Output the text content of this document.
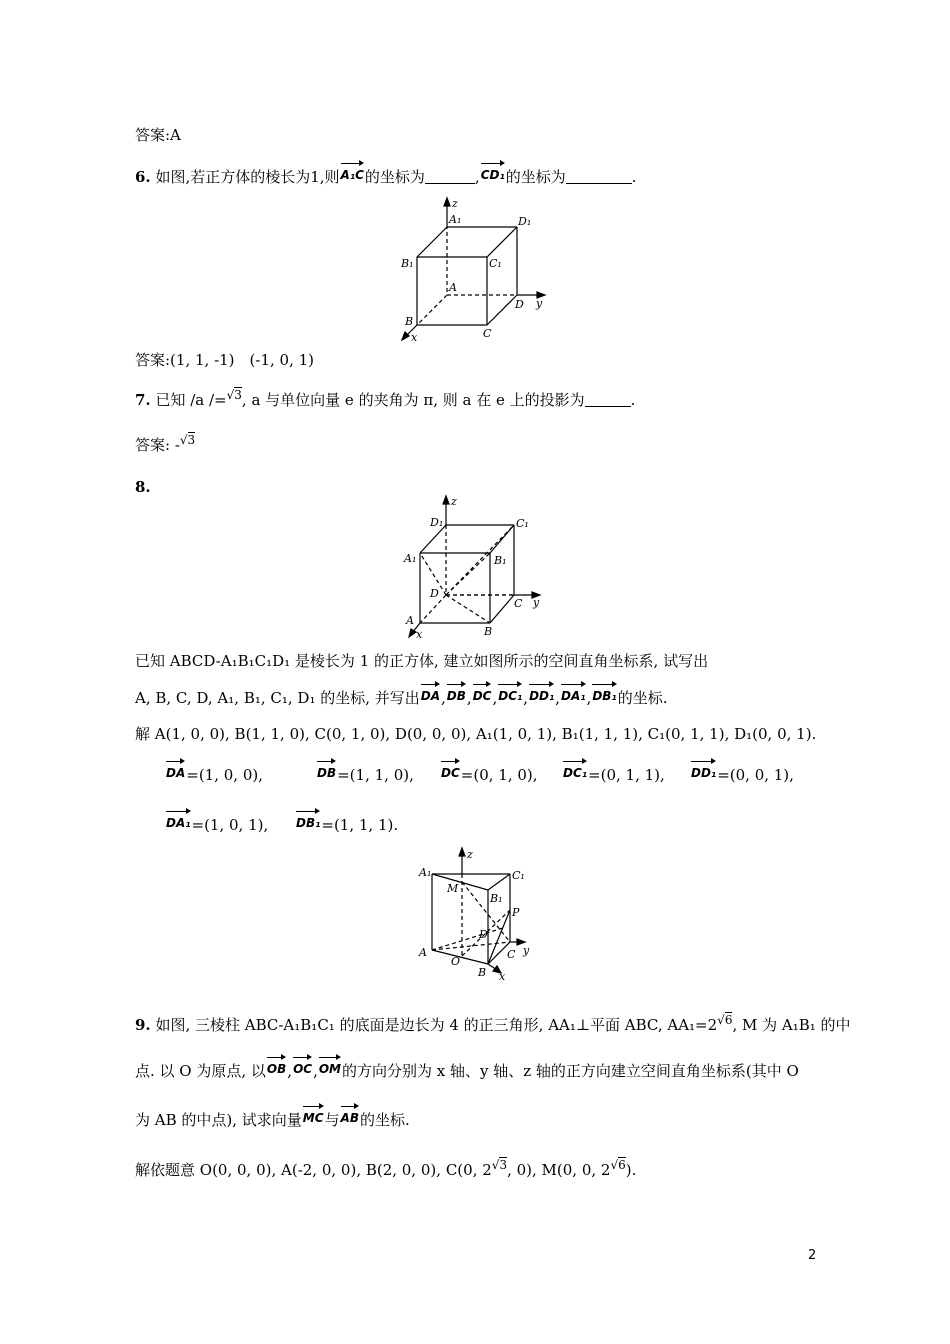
答案:A
6. 如图,若正方体的棱长为1,则A₁C的坐标为	,CD₁的坐标为	.
z
A₁	D₁
B₁	C₁
A
D y
B
C
x
答案:(1, 1, -1)　(-1, 0, 1)
7. 已知 /a /=√3, a 与单位向量 e 的夹角为 π, 则 a 在 e 上的投影为	.
答案: -√3
8.
z
D₁	C₁
A₁	B₁
D
C y
A
x	B
已知 ABCD-A₁B₁C₁D₁ 是棱长为 1 的正方体, 建立如图所示的空间直角坐标系, 试写出
A, B, C, D, A₁, B₁, C₁, D₁ 的坐标, 并写出DA,DB,DC,DC₁,DD₁,DA₁,DB₁的坐标.
解 A(1, 0, 0), B(1, 1, 0), C(0, 1, 0), D(0, 0, 0), A₁(1, 0, 1), B₁(1, 1, 1), C₁(0, 1, 1), D₁(0, 0, 1).
DA=(1, 0, 0),	DB=(1, 1, 0), DC=(0, 1, 0), DC₁=(0, 1, 1), DD₁=(0, 0, 1),
DA₁=(1, 0, 1), DB₁=(1, 1, 1).
z
A₁	C₁
M
B₁
P
D
A
O
C y
B x
9. 如图, 三棱柱 ABC-A₁B₁C₁ 的底面是边长为 4 的正三角形, AA₁⊥平面 ABC, AA₁=2√6, M 为 A₁B₁ 的中
点. 以 O 为原点, 以OB,OC,OM的方向分别为 x 轴、y 轴、z 轴的正方向建立空间直角坐标系(其中 O
为 AB 的中点), 试求向量MC与AB的坐标.
解依题意 O(0, 0, 0), A(-2, 0, 0), B(2, 0, 0), C(0, 2√3, 0), M(0, 0, 2√6).
2
